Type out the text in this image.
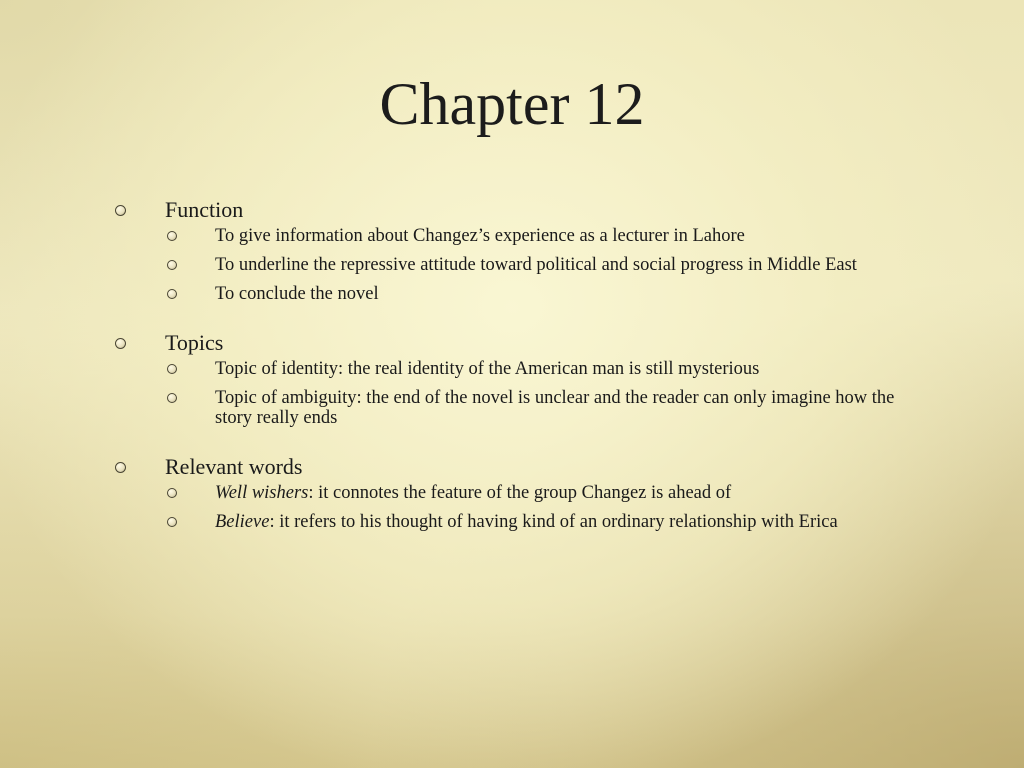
Chapter 12
Function
To give information about Changez’s experience as a lecturer in Lahore
To underline the repressive attitude toward political and social progress in Middle East
To conclude the novel
Topics
Topic of identity: the real identity of the American man is still mysterious
Topic of ambiguity: the end of the novel is unclear and the reader can only imagine how the story really ends
Relevant words
Well wishers: it connotes the feature of the group Changez is ahead of
Believe: it refers to his thought of having kind of an ordinary relationship with Erica
